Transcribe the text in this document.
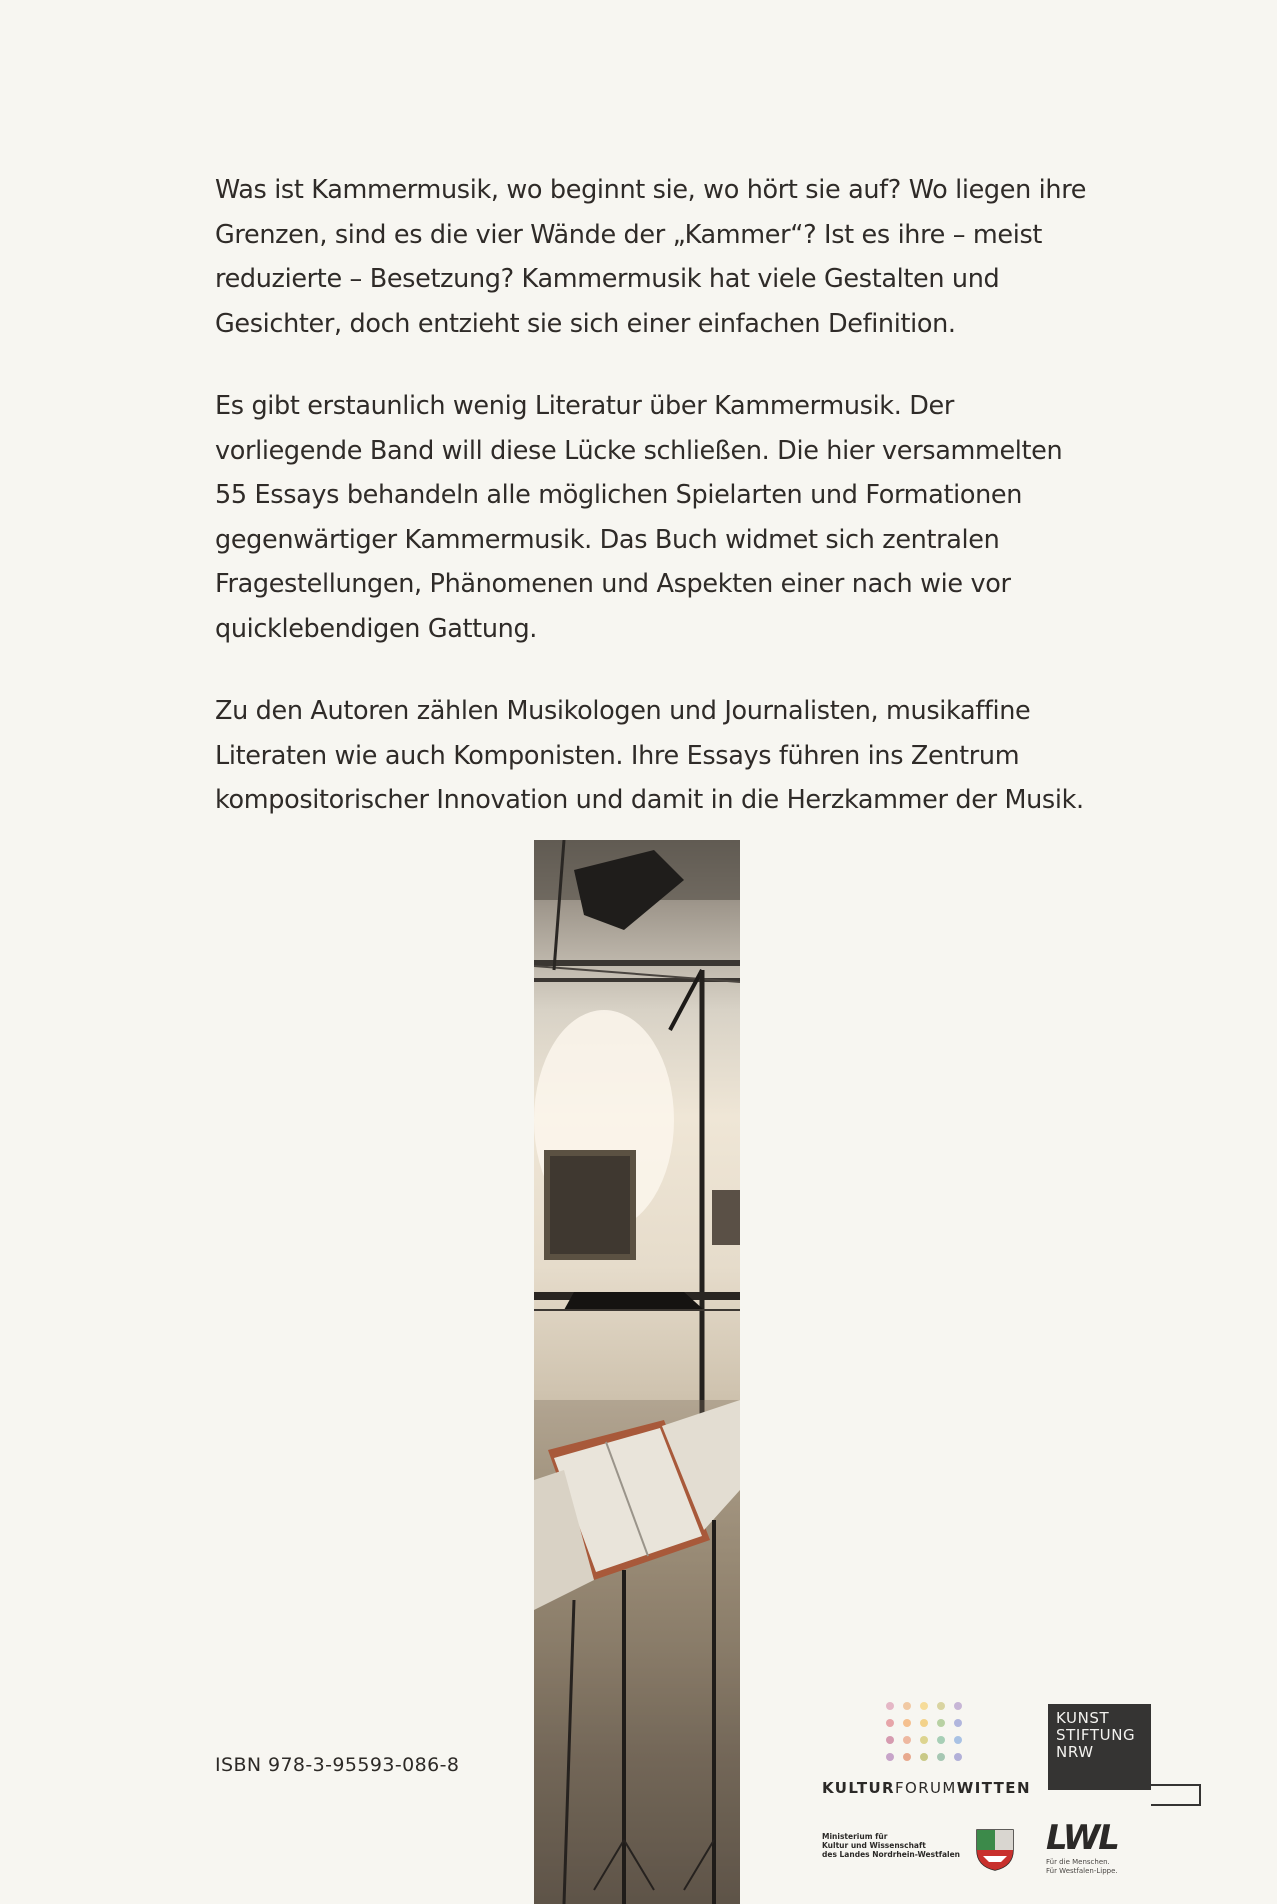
Was ist Kammermusik, wo beginnt sie, wo hört sie auf? Wo liegen ihre Grenzen, sind es die vier Wände der „Kammer“? Ist es ihre – meist reduzierte – Besetzung? Kammermusik hat viele Gestalten und Gesichter, doch entzieht sie sich einer einfachen Definition.

Es gibt erstaunlich wenig Literatur über Kammermusik. Der vorliegende Band will diese Lücke schließen. Die hier versammelten 55 Essays behandeln alle möglichen Spielarten und Formationen gegenwärtiger Kammermusik. Das Buch widmet sich zentralen Fragestellungen, Phänomenen und Aspekten einer nach wie vor quicklebendigen Gattung.

Zu den Autoren zählen Musikologen und Journalisten, musikaffine Literaten wie auch Komponisten. Ihre Essays führen ins Zentrum kompositorischer Innovation und damit in die Herzkammer der Musik.

ISBN 978-3-95593-086-8
KULTURFORUMWITTEN
KUNST
STIFTUNG
NRW
Ministerium für
Kultur und Wissenschaft
des Landes Nordrhein-Westfalen	LWL
Für die Menschen.
Für Westfalen-Lippe.
